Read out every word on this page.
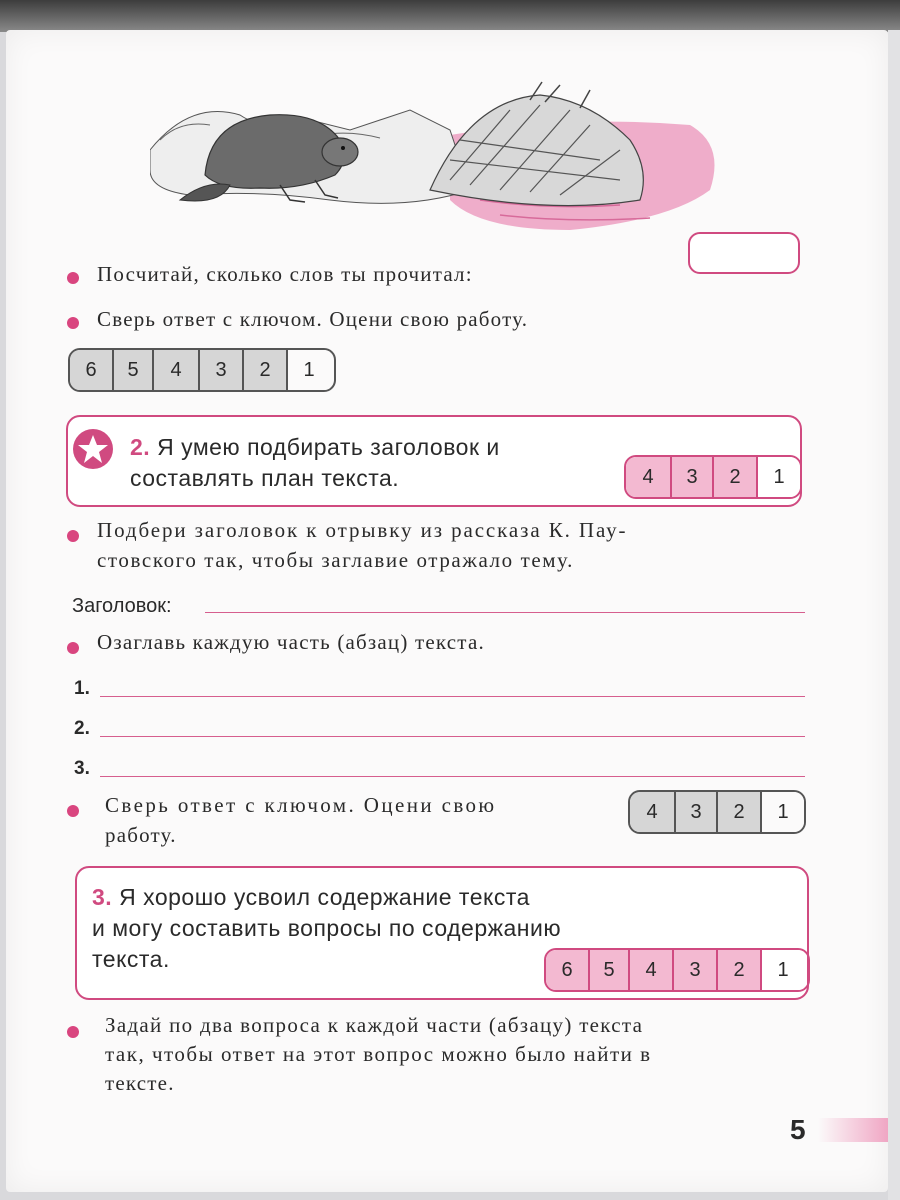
Посчитай, сколько слов ты прочитал:
Сверь ответ с ключом. Оцени свою работу.
6	5	4	3	2	1
2. Я умею подбирать заголовок и
составлять план текста.	4	3	2	1
Подбери заголовок к отрывку из рассказа К. Пау-
стовского так, чтобы заглавие отражало тему.
Заголовок:
Озаглавь каждую часть (абзац) текста.
1.
2.
3.
Сверь ответ с ключом. Оцени свою
работу.
4	3	2	1
3. Я хорошо усвоил содержание текста
и могу составить вопросы по содержанию
текста.	6	5	4	3	2	1
Задай по два вопроса к каждой части (абзацу) текста
так, чтобы ответ на этот вопрос можно было найти в
тексте.
5
